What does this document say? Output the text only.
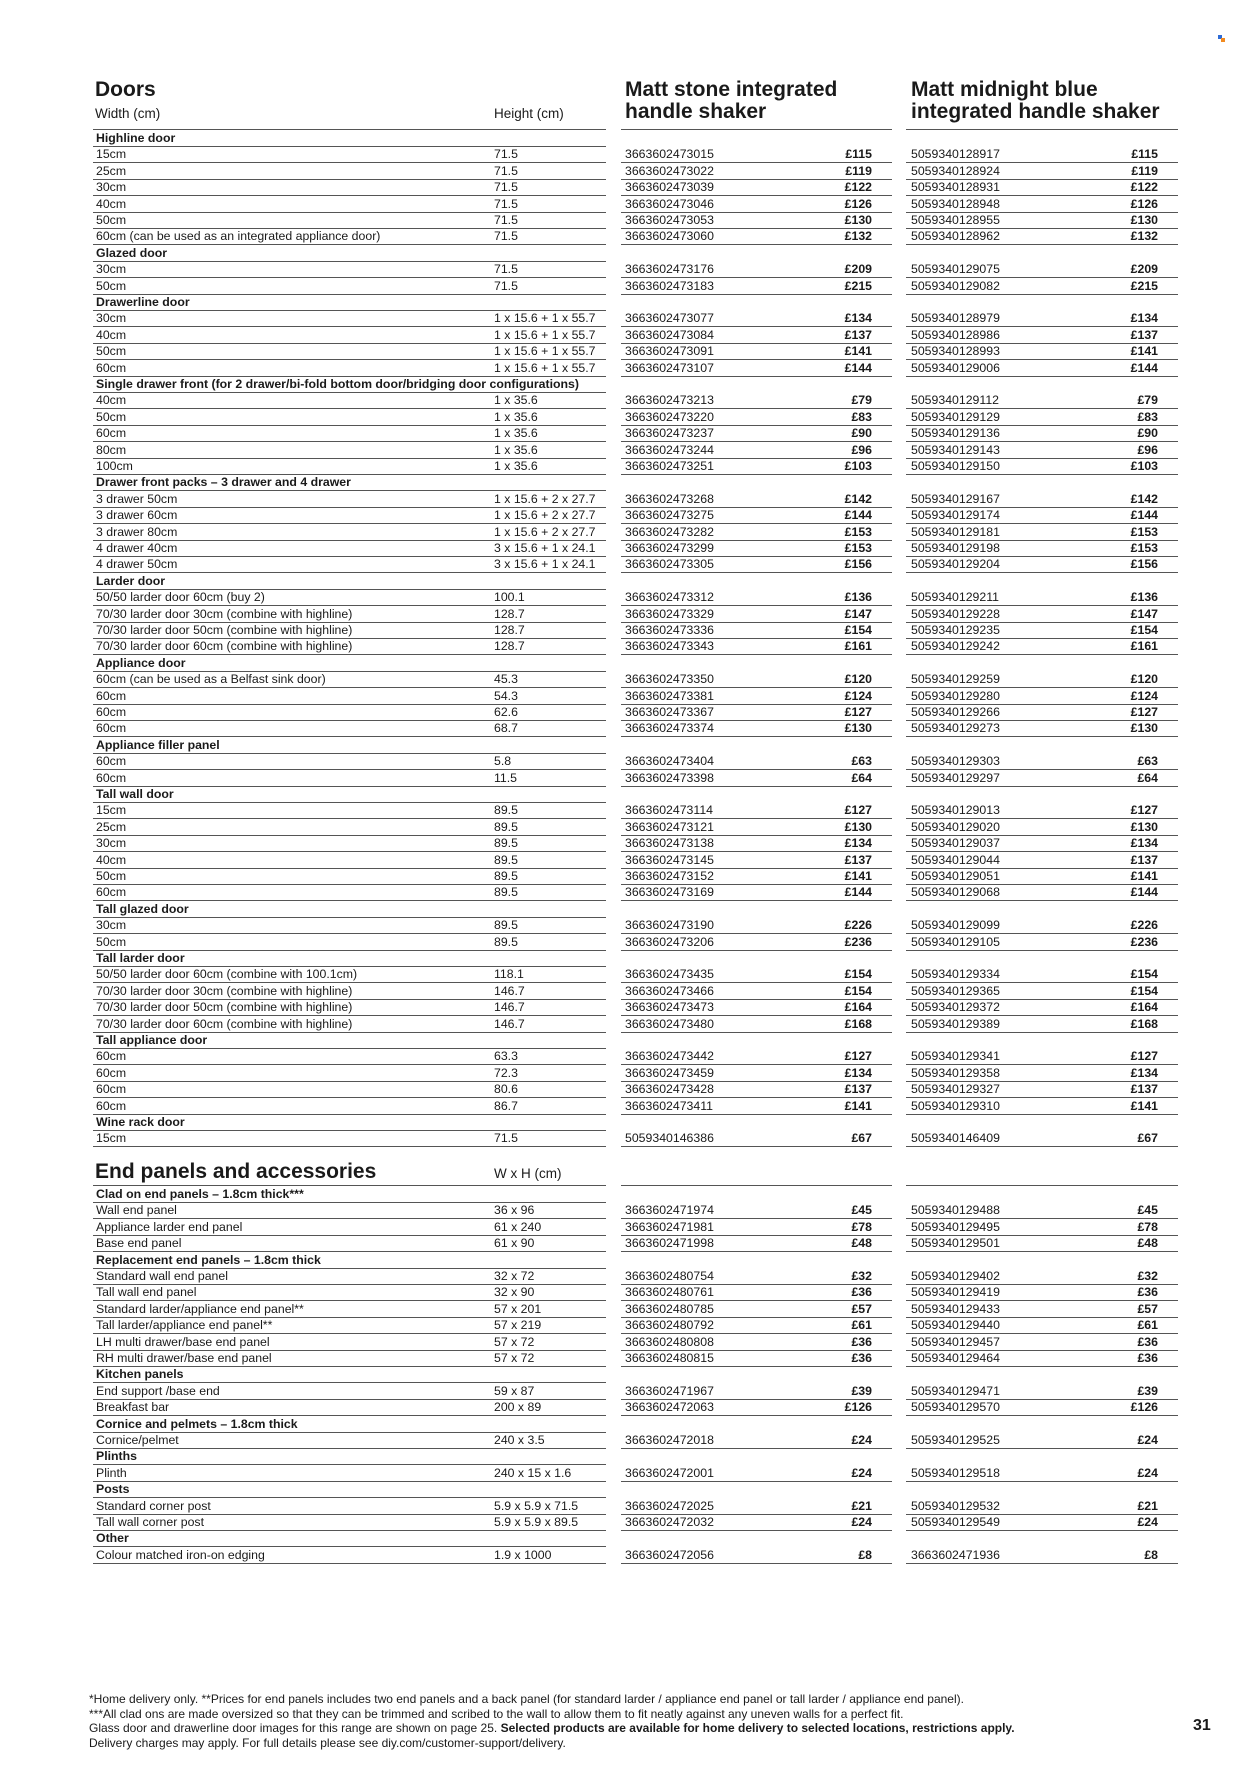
Doors
Width (cm)	Height (cm)
Matt stone integrated
handle shaker
Matt midnight blue
integrated handle shaker
End panels and accessories	W x H (cm)
Highline door
15cm	71.5	3663602473015	£115	5059340128917	£115
25cm	71.5	3663602473022	£119	5059340128924	£119
30cm	71.5	3663602473039	£122	5059340128931	£122
40cm	71.5	3663602473046	£126	5059340128948	£126
50cm	71.5	3663602473053	£130	5059340128955	£130
60cm (can be used as an integrated appliance door)	71.5	3663602473060	£132	5059340128962	£132
Glazed door
30cm	71.5	3663602473176	£209	5059340129075	£209
50cm	71.5	3663602473183	£215	5059340129082	£215
Drawerline door
30cm	1 x 15.6 + 1 x 55.7 3663602473077	£134	5059340128979	£134
40cm	1 x 15.6 + 1 x 55.7 3663602473084	£137	5059340128986	£137
50cm	1 x 15.6 + 1 x 55.7 3663602473091	£141	5059340128993	£141
60cm	1 x 15.6 + 1 x 55.7 3663602473107	£144	5059340129006	£144
Single drawer front (for 2 drawer/bi-fold bottom door/bridging door configurations)
40cm	1 x 35.6	3663602473213	£79	5059340129112	£79
50cm	1 x 35.6	3663602473220	£83	5059340129129	£83
60cm	1 x 35.6	3663602473237	£90	5059340129136	£90
80cm	1 x 35.6	3663602473244	£96	5059340129143	£96
100cm	1 x 35.6	3663602473251	£103	5059340129150	£103
Drawer front packs – 3 drawer and 4 drawer
3 drawer 50cm	1 x 15.6 + 2 x 27.7 3663602473268	£142	5059340129167	£142
3 drawer 60cm	1 x 15.6 + 2 x 27.7 3663602473275	£144	5059340129174	£144
3 drawer 80cm	1 x 15.6 + 2 x 27.7 3663602473282	£153	5059340129181	£153
4 drawer 40cm	3 x 15.6 + 1 x 24.1 3663602473299	£153	5059340129198	£153
4 drawer 50cm	3 x 15.6 + 1 x 24.1 3663602473305	£156	5059340129204	£156
Larder door
50/50 larder door 60cm (buy 2)	100.1	3663602473312	£136	5059340129211	£136
70/30 larder door 30cm (combine with highline)	128.7	3663602473329	£147	5059340129228	£147
70/30 larder door 50cm (combine with highline)	128.7	3663602473336	£154	5059340129235	£154
70/30 larder door 60cm (combine with highline)	128.7	3663602473343	£161	5059340129242	£161
Appliance door
60cm (can be used as a Belfast sink door)	45.3	3663602473350	£120	5059340129259	£120
60cm	54.3	3663602473381	£124	5059340129280	£124
60cm	62.6	3663602473367	£127	5059340129266	£127
60cm	68.7	3663602473374	£130	5059340129273	£130
Appliance filler panel
60cm	5.8	3663602473404	£63	5059340129303	£63
60cm	11.5	3663602473398	£64	5059340129297	£64
Tall wall door
15cm	89.5	3663602473114	£127	5059340129013	£127
25cm	89.5	3663602473121	£130	5059340129020	£130
30cm	89.5	3663602473138	£134	5059340129037	£134
40cm	89.5	3663602473145	£137	5059340129044	£137
50cm	89.5	3663602473152	£141	5059340129051	£141
60cm	89.5	3663602473169	£144	5059340129068	£144
Tall glazed door
30cm	89.5	3663602473190	£226	5059340129099	£226
50cm	89.5	3663602473206	£236	5059340129105	£236
Tall larder door
50/50 larder door 60cm (combine with 100.1cm)	118.1	3663602473435	£154	5059340129334	£154
70/30 larder door 30cm (combine with highline)	146.7	3663602473466	£154	5059340129365	£154
70/30 larder door 50cm (combine with highline)	146.7	3663602473473	£164	5059340129372	£164
70/30 larder door 60cm (combine with highline)	146.7	3663602473480	£168	5059340129389	£168
Tall appliance door
60cm	63.3	3663602473442	£127	5059340129341	£127
60cm	72.3	3663602473459	£134	5059340129358	£134
60cm	80.6	3663602473428	£137	5059340129327	£137
60cm	86.7	3663602473411	£141	5059340129310	£141
Wine rack door
15cm	71.5	5059340146386	£67	5059340146409	£67
Clad on end panels – 1.8cm thick***
Wall end panel	36 x 96	3663602471974	£45	5059340129488	£45
Appliance larder end panel	61 x 240	3663602471981	£78	5059340129495	£78
Base end panel	61 x 90	3663602471998	£48	5059340129501	£48
Replacement end panels – 1.8cm thick
Standard wall end panel	32 x 72	3663602480754	£32	5059340129402	£32
Tall wall end panel	32 x 90	3663602480761	£36	5059340129419	£36
Standard larder/appliance end panel**	57 x 201	3663602480785	£57	5059340129433	£57
Tall larder/appliance end panel**	57 x 219	3663602480792	£61	5059340129440	£61
LH multi drawer/base end panel	57 x 72	3663602480808	£36	5059340129457	£36
RH multi drawer/base end panel	57 x 72	3663602480815	£36	5059340129464	£36
Kitchen panels
End support /base end	59 x 87	3663602471967	£39	5059340129471	£39
Breakfast bar	200 x 89	3663602472063	£126	5059340129570	£126
Cornice and pelmets – 1.8cm thick
Cornice/pelmet	240 x 3.5	3663602472018	£24	5059340129525	£24
Plinths
Plinth	240 x 15 x 1.6	3663602472001	£24	5059340129518	£24
Posts
Standard corner post	5.9 x 5.9 x 71.5	3663602472025	£21	5059340129532	£21
Tall wall corner post	5.9 x 5.9 x 89.5	3663602472032	£24	5059340129549	£24
Other
Colour matched iron-on edging	1.9 x 1000	3663602472056	£8	3663602471936	£8
*Home delivery only. **Prices for end panels includes two end panels and a back panel (for standard larder / appliance end panel or tall larder / appliance end panel).
***All clad ons are made oversized so that they can be trimmed and scribed to the wall to allow them to fit neatly against any uneven walls for a perfect fit.
Glass door and drawerline door images for this range are shown on page 25. Selected products are available for home delivery to selected locations, restrictions apply.
Delivery charges may apply. For full details please see diy.com/customer-support/delivery.
31
